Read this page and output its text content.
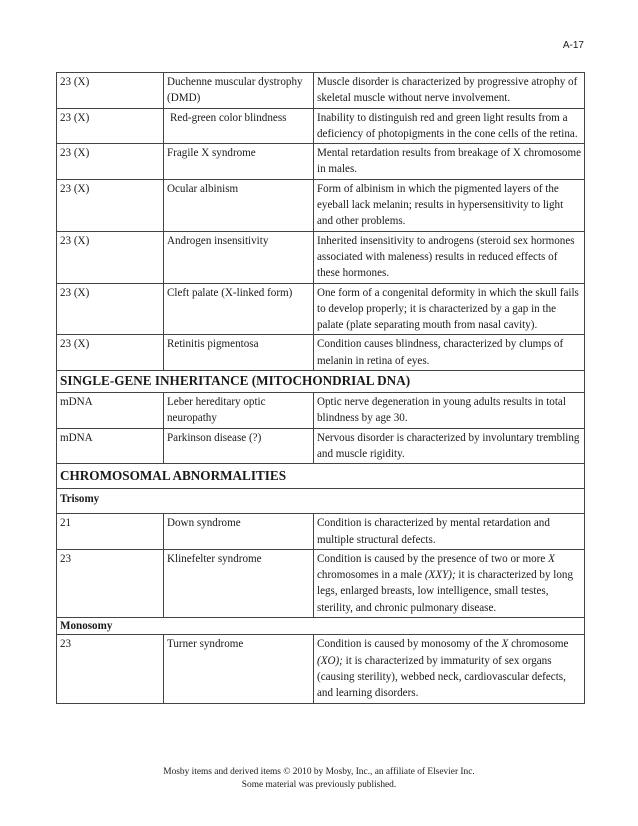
A-17
23 (X)	Duchenne muscular dystrophy (DMD)	Muscle disorder is characterized by progressive atrophy of skeletal muscle without nerve involvement.
23 (X)	Red-green color blindness	Inability to distinguish red and green light results from a deficiency of photopigments in the cone cells of the retina.
23 (X)	Fragile X syndrome	Mental retardation results from breakage of X chromosome in males.
23 (X)	Ocular albinism	Form of albinism in which the pigmented layers of the eyeball lack melanin; results in hypersensitivity to light and other problems.
23 (X)	Androgen insensitivity	Inherited insensitivity to androgens (steroid sex hormones associated with maleness) results in reduced effects of these hormones.
23 (X)	Cleft palate (X-linked form)	One form of a congenital deformity in which the skull fails to develop properly; it is characterized by a gap in the palate (plate separating mouth from nasal cavity).
23 (X)	Retinitis pigmentosa	Condition causes blindness, characterized by clumps of melanin in retina of eyes.
SINGLE-GENE INHERITANCE (MITOCHONDRIAL DNA)		
mDNA	Leber hereditary optic neuropathy	Optic nerve degeneration in young adults results in total blindness by age 30.
mDNA	Parkinson disease (?)	Nervous disorder is characterized by involuntary trembling and muscle rigidity.
CHROMOSOMAL ABNORMALITIES		
Trisomy		
21	Down syndrome	Condition is characterized by mental retardation and multiple structural defects.
23	Klinefelter syndrome	Condition is caused by the presence of two or more X chromosomes in a male (XXY); it is characterized by long legs, enlarged breasts, low intelligence, small testes, sterility, and chronic pulmonary disease.
Monosomy		
23	Turner syndrome	Condition is caused by monosomy of the X chromosome (XO); it is characterized by immaturity of sex organs (causing sterility), webbed neck, cardiovascular defects, and learning disorders.
Mosby items and derived items © 2010 by Mosby, Inc., an affiliate of Elsevier Inc.
Some material was previously published.
